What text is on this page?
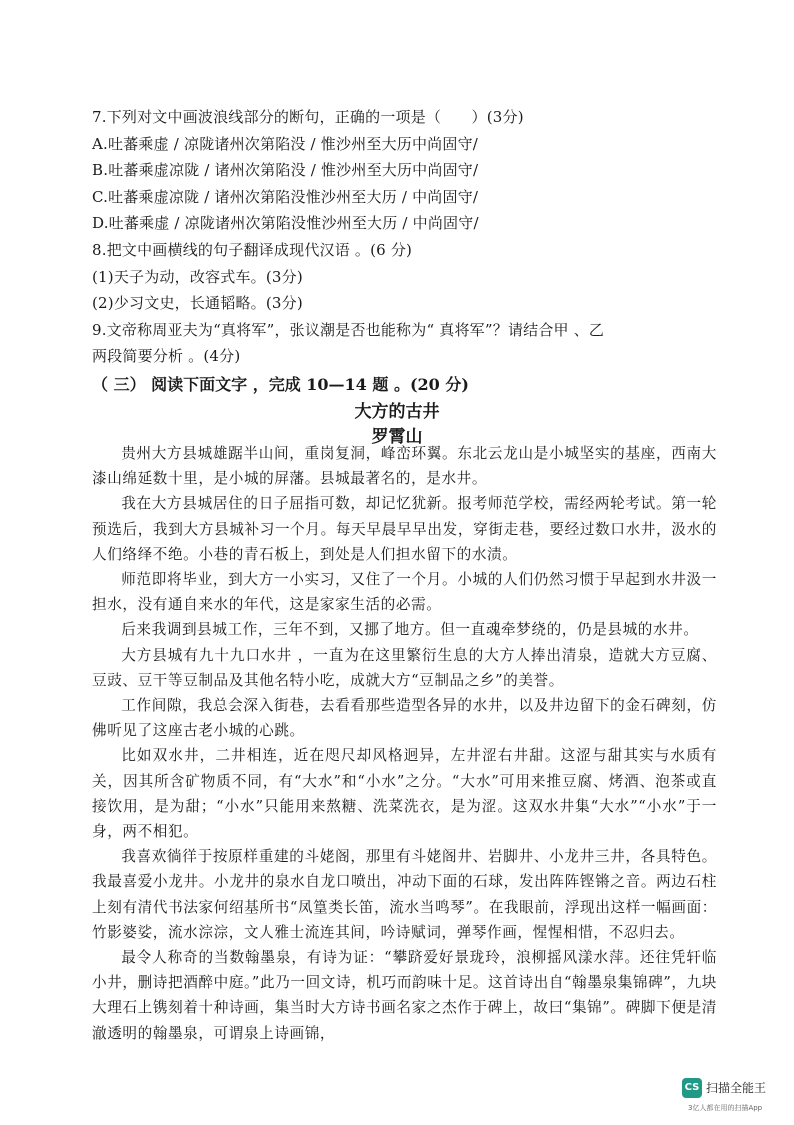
7.下列对文中画波浪线部分的断句，正确的一项是（　　）(3分)
A.吐蕃乘虚 / 凉陇诸州次第陷没 / 惟沙州至大历中尚固守/
B.吐蕃乘虚凉陇 / 诸州次第陷没 / 惟沙州至大历中尚固守/
C.吐蕃乘虚凉陇 / 诸州次第陷没惟沙州至大历 / 中尚固守/
D.吐蕃乘虚 / 凉陇诸州次第陷没惟沙州至大历 / 中尚固守/
8.把文中画横线的句子翻译成现代汉语 。(6 分)
(1)天子为动，改容式车。(3分)
(2)少习文史，长通韬略。(3分)
9.文帝称周亚夫为“真将军”，张议潮是否也能称为“ 真将军”？请结合甲 、乙
两段简要分析 。(4分)
（ 三） 阅读下面文字 ，完成 10—14 题 。(20 分)
大方的古井
罗霄山

贵州大方县城雄踞半山间，重岗复洞，峰峦环翼。东北云龙山是小城坚实的基座，西南大漆山绵延数十里，是小城的屏藩。县城最著名的，是水井。

我在大方县城居住的日子屈指可数，却记忆犹新。报考师范学校，需经两轮考试。第一轮预选后，我到大方县城补习一个月。每天早晨早早出发，穿街走巷，要经过数口水井，汲水的人们络绎不绝。小巷的青石板上，到处是人们担水留下的水渍。

师范即将毕业，到大方一小实习，又住了一个月。小城的人们仍然习惯于早起到水井汲一担水，没有通自来水的年代，这是家家生活的必需。

后来我调到县城工作，三年不到，又挪了地方。但一直魂牵梦绕的，仍是县城的水井。

大方县城有九十九口水井 ，一直为在这里繁衍生息的大方人捧出清泉，造就大方豆腐、豆豉、豆干等豆制品及其他名特小吃，成就大方“豆制品之乡”的美誉。

工作间隙，我总会深入街巷，去看看那些造型各异的水井，以及井边留下的金石碑刻，仿佛听见了这座古老小城的心跳。

比如双水井，二井相连，近在咫尺却风格迥异，左井涩右井甜。这涩与甜其实与水质有关，因其所含矿物质不同，有“大水”和“小水”之分。“大水”可用来推豆腐、烤酒、泡茶或直接饮用，是为甜；“小水”只能用来熬糖、洗菜洗衣，是为涩。这双水井集“大水”“小水”于一身，两不相犯。

我喜欢徜徉于按原样重建的斗姥阁，那里有斗姥阁井、岩脚井、小龙井三井，各具特色。我最喜爱小龙井。小龙井的泉水自龙口喷出，冲动下面的石球，发出阵阵铿锵之音。两边石柱上刻有清代书法家何绍基所书“凤篁类长笛，流水当鸣琴”。在我眼前，浮现出这样一幅画面：竹影婆娑，流水淙淙，文人雅士流连其间，吟诗赋词，弹琴作画，惺惺相惜，不忍归去。

最令人称奇的当数翰墨泉，有诗为证：“攀跻爱好景珑玲，浪柳摇风漾水萍。还往凭轩临小井，删诗把酒醉中庭。”此乃一回文诗，机巧而韵味十足。这首诗出自“翰墨泉集锦碑”，九块大理石上镌刻着十种诗画，集当时大方诗书画名家之杰作于碑上，故曰“集锦”。碑脚下便是清澈透明的翰墨泉，可谓泉上诗画锦，

CS 扫描全能王
3亿人都在用的扫描App
